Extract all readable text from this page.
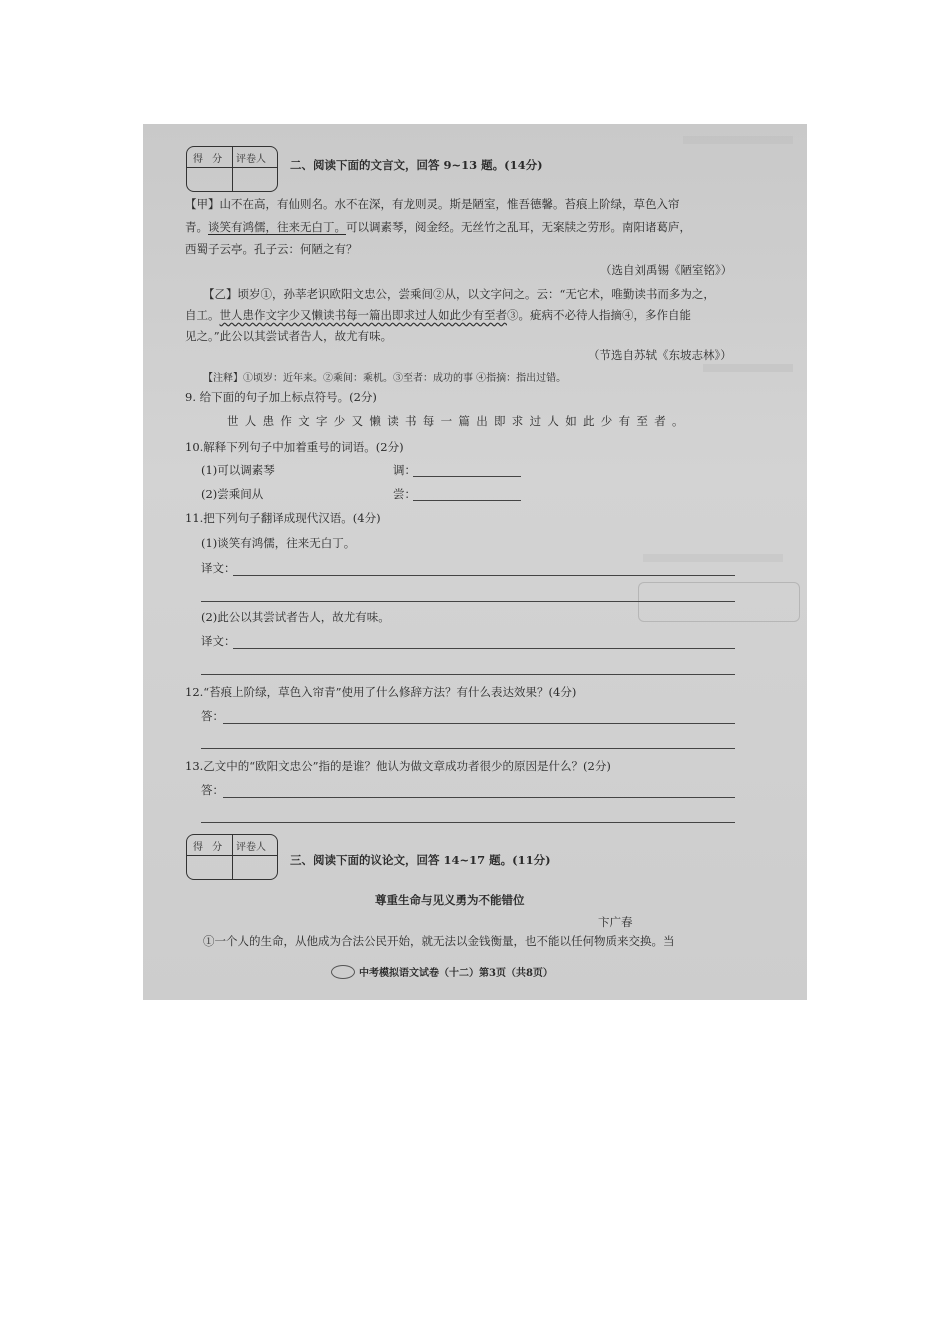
得 分 评卷人 二、阅读下面的文言文，回答 9~13 题。(14分)
【甲】山不在高，有仙则名。水不在深，有龙则灵。斯是陋室，惟吾德馨。苔痕上阶绿，草色入帘
青。谈笑有鸿儒，往来无白丁。可以调素琴，阅金经。无丝竹之乱耳，无案牍之劳形。南阳诸葛庐，
西蜀子云亭。孔子云：何陋之有？
（选自刘禹锡《陋室铭》）
【乙】顷岁①，孙莘老识欧阳文忠公，尝乘间②从，以文字问之。云：“无它术，唯勤读书而多为之，
自工。世人患作文字少又懒读书每一篇出即求过人如此少有至者③。疵病不必待人指摘④，多作自能
见之。”此公以其尝试者告人，故尤有味。
（节选自苏轼《东坡志林》）
【注释】①顷岁：近年来。②乘间：乘机。③至者：成功的事 ④指摘：指出过错。
9. 给下面的句子加上标点符号。(2分)
世人患作文字少又懒读书每一篇出即求过人如此少有至者。
10.解释下列句子中加着重号的词语。(2分)
(1)可以调素琴	调：
(2)尝乘间从	尝：
11.把下列句子翻译成现代汉语。(4分)
(1)谈笑有鸿儒，往来无白丁。
译文：
(2)此公以其尝试者告人，故尤有味。
译文：
12.“苔痕上阶绿，草色入帘青”使用了什么修辞方法？有什么表达效果？(4分)
答：
13.乙文中的“欧阳文忠公”指的是谁？他认为做文章成功者很少的原因是什么？(2分)
答：
得 分 评卷人
三、阅读下面的议论文，回答 14~17 题。(11分)
尊重生命与见义勇为不能错位
卞广春
①一个人的生命，从他成为合法公民开始，就无法以金钱衡量，也不能以任何物质来交换。当
中考模拟语文试卷（十二）第3页（共8页）
